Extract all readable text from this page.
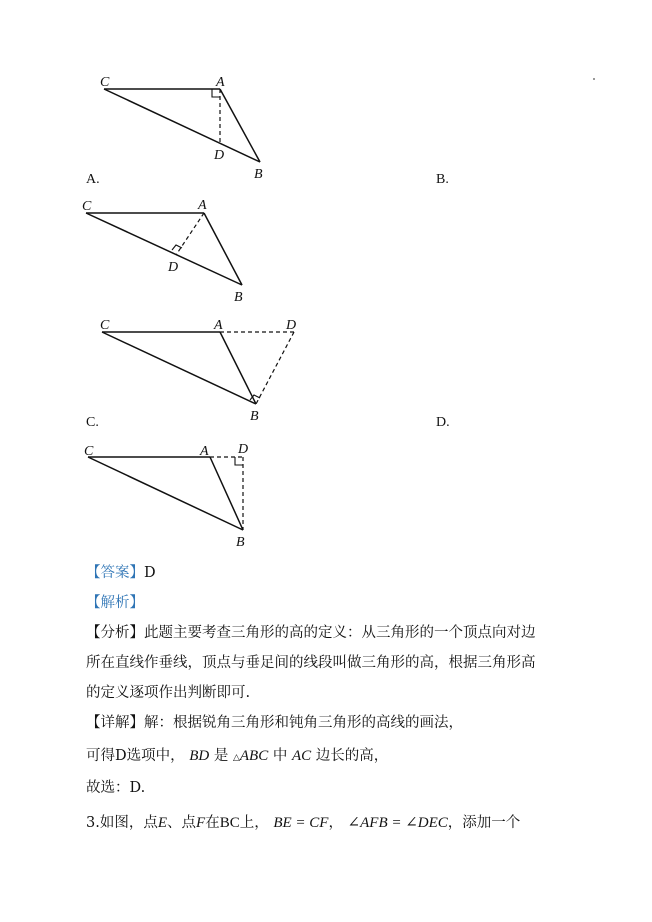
C	A
D
B
A.	B.
C	A
D
B
C	A	D
B
C.	D.
C	A D
B
【答案】D
【解析】
【分析】此题主要考查三角形的高的定义：从三角形的一个顶点向对边
所在直线作垂线，顶点与垂足间的线段叫做三角形的高，根据三角形高
的定义逐项作出判断即可.
【详解】解：根据锐角三角形和钝角三角形的高线的画法，
可得D选项中， BD 是 △ABC 中 AC 边长的高，
故选：D.
3.如图，点E、点F在BC上， BE = CF， ∠AFB = ∠DEC，添加一个
